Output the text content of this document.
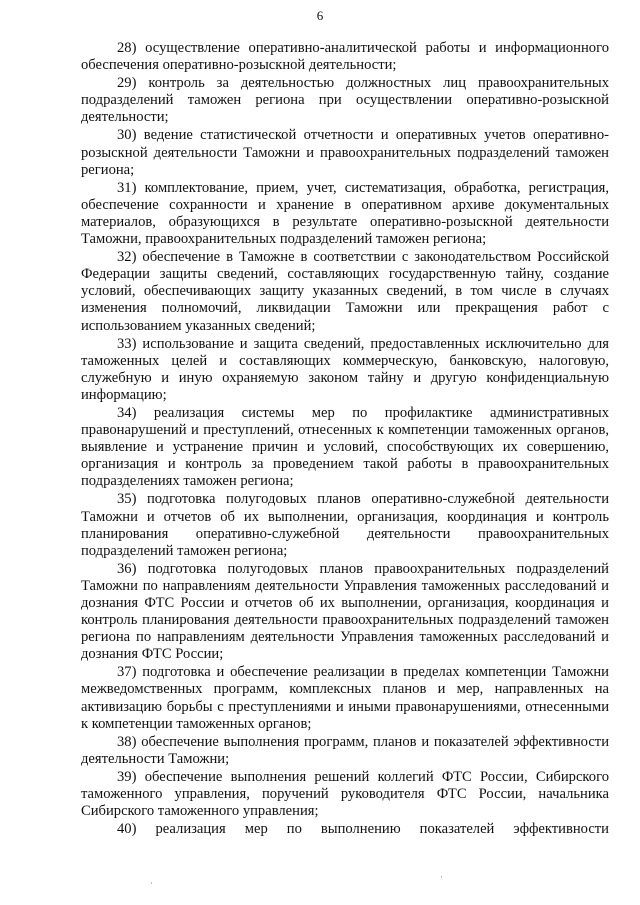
6

28) осуществление оперативно-аналитической работы и информационного обеспечения оперативно-розыскной деятельности;

29) контроль за деятельностью должностных лиц правоохранительных подразделений таможен региона при осуществлении оперативно-розыскной деятельности;

30) ведение статистической отчетности и оперативных учетов оперативно-розыскной деятельности Таможни и правоохранительных подразделений таможен региона;

31) комплектование, прием, учет, систематизация, обработка, регистрация, обеспечение сохранности и хранение в оперативном архиве документальных материалов, образующихся в результате оперативно-розыскной деятельности Таможни, правоохранительных подразделений таможен региона;

32) обеспечение в Таможне в соответствии с законодательством Российской Федерации защиты сведений, составляющих государственную тайну, создание условий, обеспечивающих защиту указанных сведений, в том числе в случаях изменения полномочий, ликвидации Таможни или прекращения работ с использованием указанных сведений;

33) использование и защита сведений, предоставленных исключительно для таможенных целей и составляющих коммерческую, банковскую, налоговую, служебную и иную охраняемую законом тайну и другую конфиденциальную информацию;

34) реализация системы мер по профилактике административных правонарушений и преступлений, отнесенных к компетенции таможенных органов, выявление и устранение причин и условий, способствующих их совершению, организация и контроль за проведением такой работы в правоохранительных подразделениях таможен региона;

35) подготовка полугодовых планов оперативно-служебной деятельности Таможни и отчетов об их выполнении, организация, координация и контроль планирования оперативно-служебной деятельности правоохранительных подразделений таможен региона;

36) подготовка полугодовых планов правоохранительных подразделений Таможни по направлениям деятельности Управления таможенных расследований и дознания ФТС России и отчетов об их выполнении, организация, координация и контроль планирования деятельности правоохранительных подразделений таможен региона по направлениям деятельности Управления таможенных расследований и дознания ФТС России;

37) подготовка и обеспечение реализации в пределах компетенции Таможни межведомственных программ, комплексных планов и мер, направленных на активизацию борьбы с преступлениями и иными правонарушениями, отнесенными к компетенции таможенных органов;

38) обеспечение выполнения программ, планов и показателей эффективности деятельности Таможни;

39) обеспечение выполнения решений коллегий ФТС России, Сибирского таможенного управления, поручений руководителя ФТС России, начальника Сибирского таможенного управления;

40) реализация мер по выполнению показателей эффективности

·
·
